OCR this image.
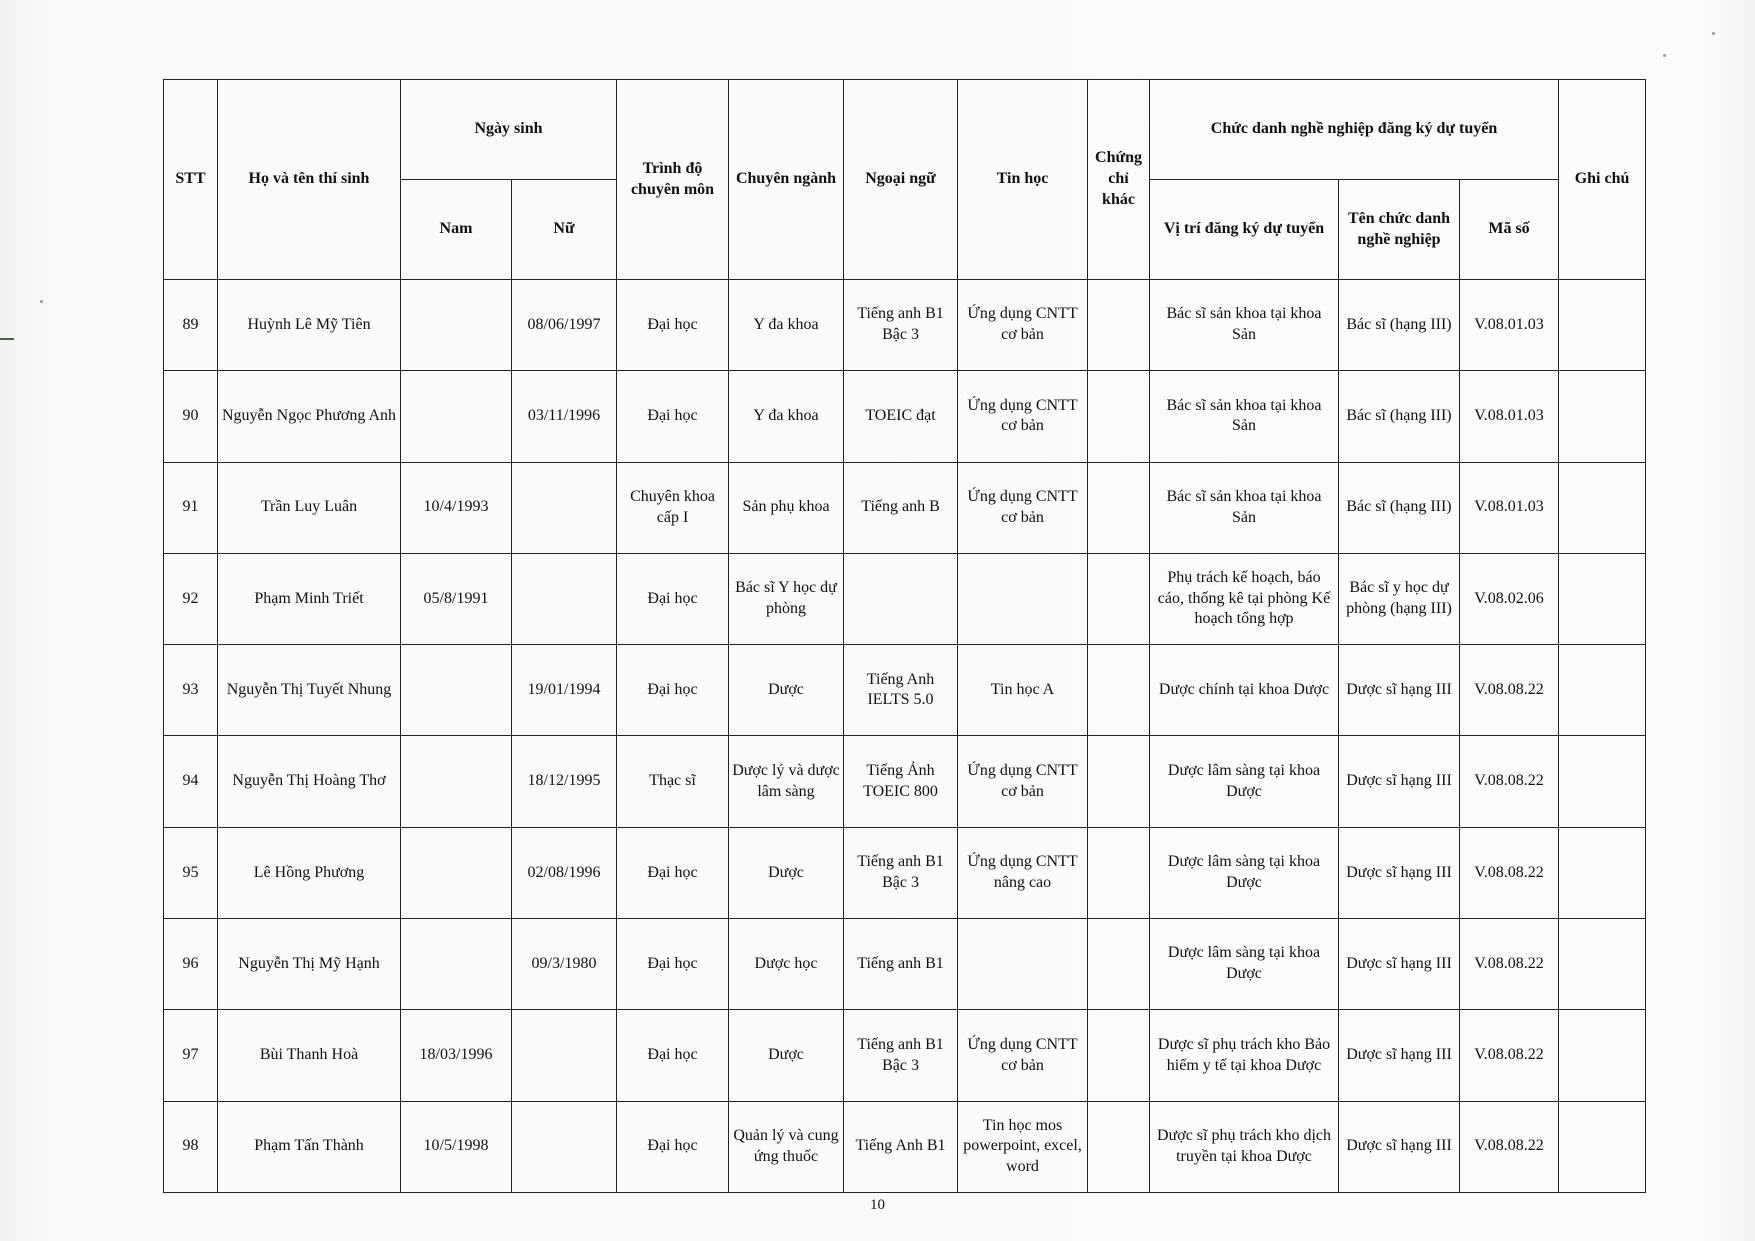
STT	Họ và tên thí sinh	Ngày sinh		Trình độ chuyên môn	Chuyên ngành	Ngoại ngữ	Tin học	Chứng chỉ khác	Chức danh nghề nghiệp đăng ký dự tuyển			Ghi chú
		Nam	Nữ						Vị trí đăng ký dự tuyển	Tên chức danh nghề nghiệp	Mã số	
89	Huỳnh Lê Mỹ Tiên		08/06/1997	Đại học	Y đa khoa	Tiếng anh B1 Bậc 3	Ứng dụng CNTT cơ bản		Bác sĩ sản khoa tại khoa Sản	Bác sĩ (hạng III)	V.08.01.03	
90	Nguyễn Ngọc Phương Anh		03/11/1996	Đại học	Y đa khoa	TOEIC đạt	Ứng dụng CNTT cơ bản		Bác sĩ sản khoa tại khoa Sản	Bác sĩ (hạng III)	V.08.01.03	
91	Trần Luy Luân	10/4/1993		Chuyên khoa cấp I	Sản phụ khoa	Tiếng anh B	Ứng dụng CNTT cơ bản		Bác sĩ sản khoa tại khoa Sản	Bác sĩ (hạng III)	V.08.01.03	
92	Phạm Minh Triết	05/8/1991		Đại học	Bác sĩ Y học dự phòng				Phụ trách kế hoạch, báo cáo, thống kê tại phòng Kế hoạch tổng hợp	Bác sĩ y học dự phòng (hạng III)	V.08.02.06	
93	Nguyễn Thị Tuyết Nhung		19/01/1994	Đại học	Dược	Tiếng Anh IELTS 5.0	Tin học A		Dược chính tại khoa Dược	Dược sĩ hạng III	V.08.08.22	
94	Nguyễn Thị Hoàng Thơ		18/12/1995	Thạc sĩ	Dược lý và dược lâm sàng	Tiếng Ảnh TOEIC 800	Ứng dụng CNTT cơ bản		Dược lâm sàng tại khoa Dược	Dược sĩ hạng III	V.08.08.22	
95	Lê Hồng Phương		02/08/1996	Đại học	Dược	Tiếng anh B1 Bậc 3	Ứng dụng CNTT nâng cao		Dược lâm sàng tại khoa Dược	Dược sĩ hạng III	V.08.08.22	
96	Nguyễn Thị Mỹ Hạnh		09/3/1980	Đại học	Dược học	Tiếng anh B1			Dược lâm sàng tại khoa Dược	Dược sĩ hạng III	V.08.08.22	
97	Bùi Thanh Hoà	18/03/1996		Đại học	Dược	Tiếng anh B1 Bậc 3	Ứng dụng CNTT cơ bản		Dược sĩ phụ trách kho Bảo hiểm y tế tại khoa Dược	Dược sĩ hạng III	V.08.08.22	
98	Phạm Tấn Thành	10/5/1998		Đại học	Quản lý và cung ứng thuốc	Tiếng Anh B1	Tin học mos powerpoint, excel, word		Dược sĩ phụ trách kho dịch truyền tại khoa Dược	Dược sĩ hạng III	V.08.08.22	
10
